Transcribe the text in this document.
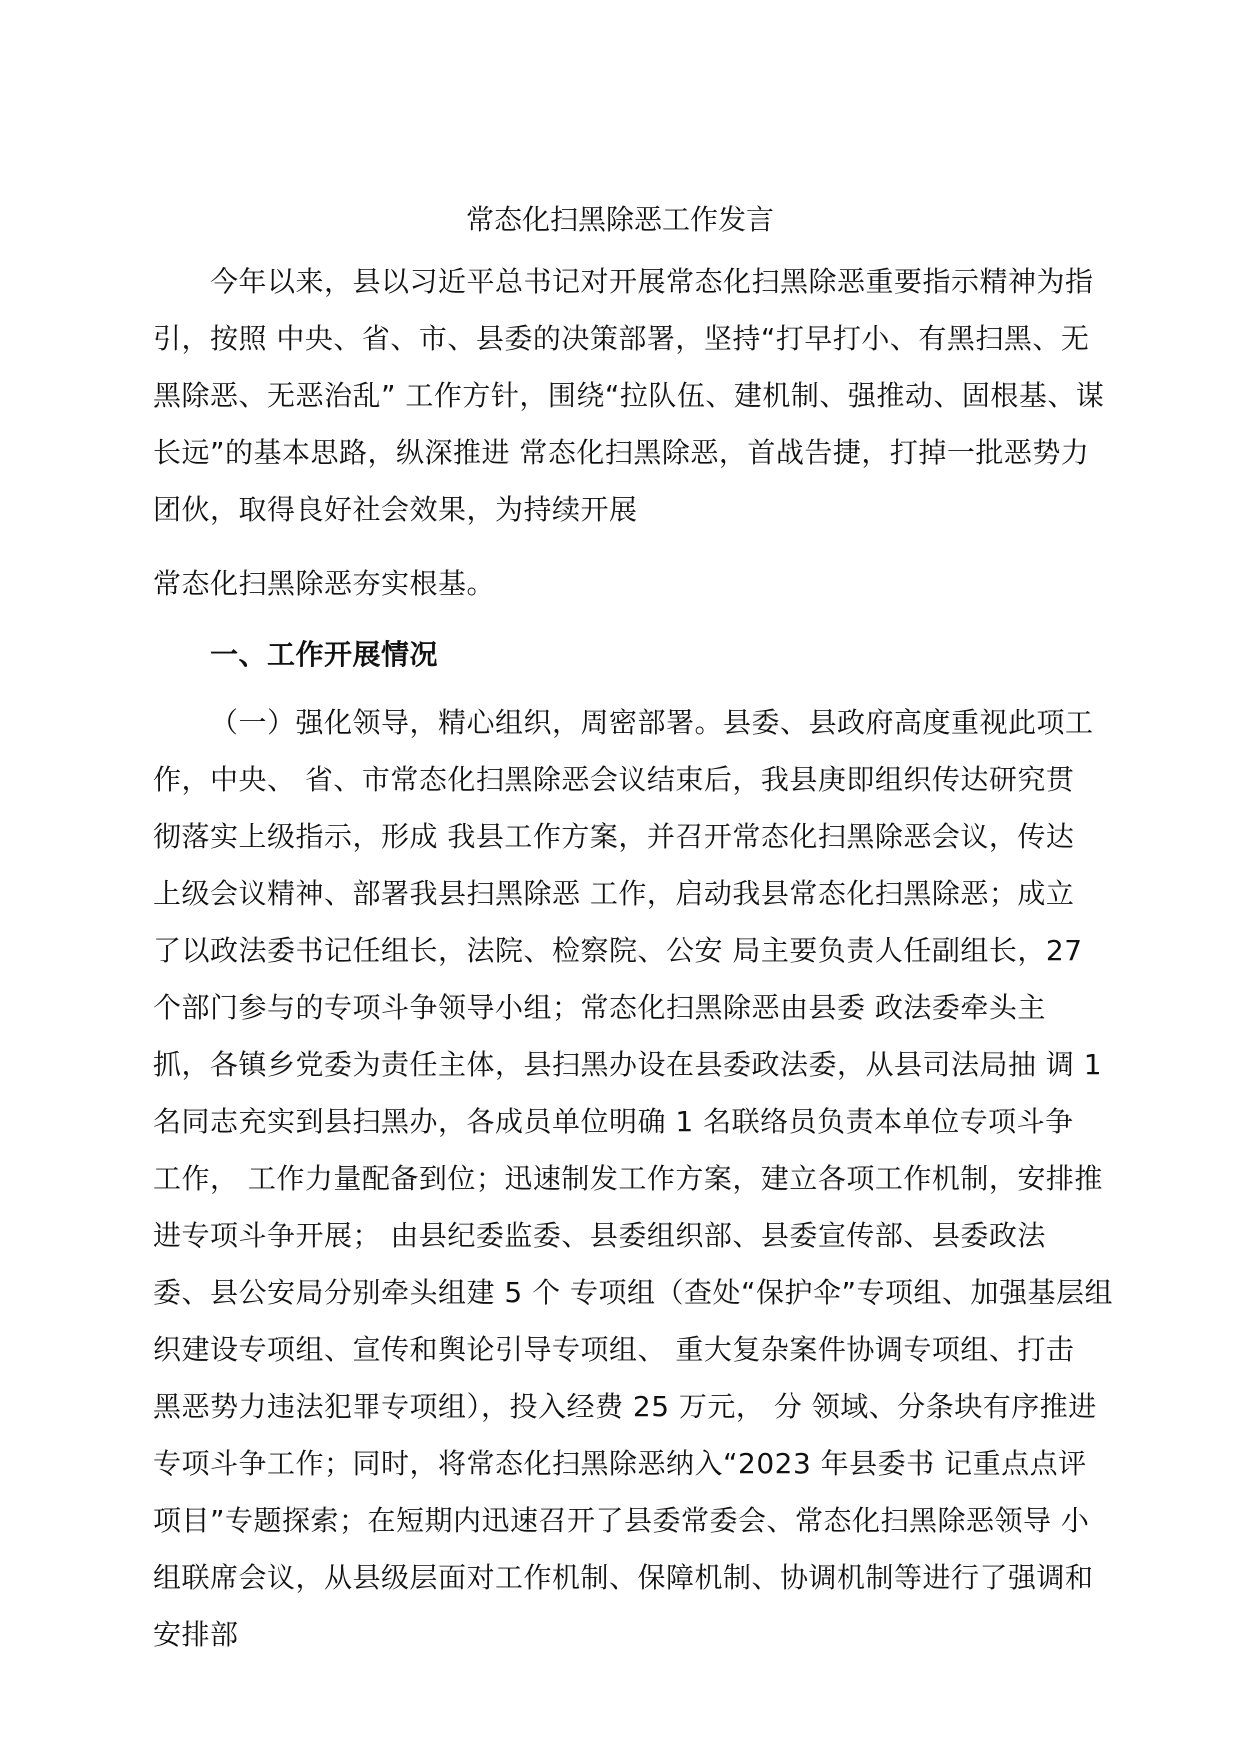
常态化扫黑除恶工作发言
今年以来，县以习近平总书记对开展常态化扫黑除恶重要指示精神为指
引，按照 中央、省、市、县委的决策部署，坚持“打早打小、有黑扫黑、无
黑除恶、无恶治乱” 工作方针，围绕“拉队伍、建机制、强推动、固根基、谋
长远”的基本思路，纵深推进 常态化扫黑除恶，首战告捷，打掉一批恶势力
团伙，取得良好社会效果，为持续开展
常态化扫黑除恶夯实根基。
一、工作开展情况
（一）强化领导，精心组织，周密部署。县委、县政府高度重视此项工
作，中央、 省、市常态化扫黑除恶会议结束后，我县庚即组织传达研究贯
彻落实上级指示，形成 我县工作方案，并召开常态化扫黑除恶会议，传达
上级会议精神、部署我县扫黑除恶 工作，启动我县常态化扫黑除恶；成立
了以政法委书记任组长，法院、检察院、公安 局主要负责人任副组长，27
个部门参与的专项斗争领导小组；常态化扫黑除恶由县委 政法委牵头主
抓，各镇乡党委为责任主体，县扫黑办设在县委政法委，从县司法局抽 调 1
名同志充实到县扫黑办，各成员单位明确 1 名联络员负责本单位专项斗争
工作， 工作力量配备到位；迅速制发工作方案，建立各项工作机制，安排推
进专项斗争开展； 由县纪委监委、县委组织部、县委宣传部、县委政法
委、县公安局分别牵头组建 5 个 专项组（查处“保护伞”专项组、加强基层组
织建设专项组、宣传和舆论引导专项组、 重大复杂案件协调专项组、打击
黑恶势力违法犯罪专项组），投入经费 25 万元， 分 领域、分条块有序推进
专项斗争工作；同时，将常态化扫黑除恶纳入“2023 年县委书 记重点点评
项目”专题探索；在短期内迅速召开了县委常委会、常态化扫黑除恶领导 小
组联席会议，从县级层面对工作机制、保障机制、协调机制等进行了强调和
安排部
